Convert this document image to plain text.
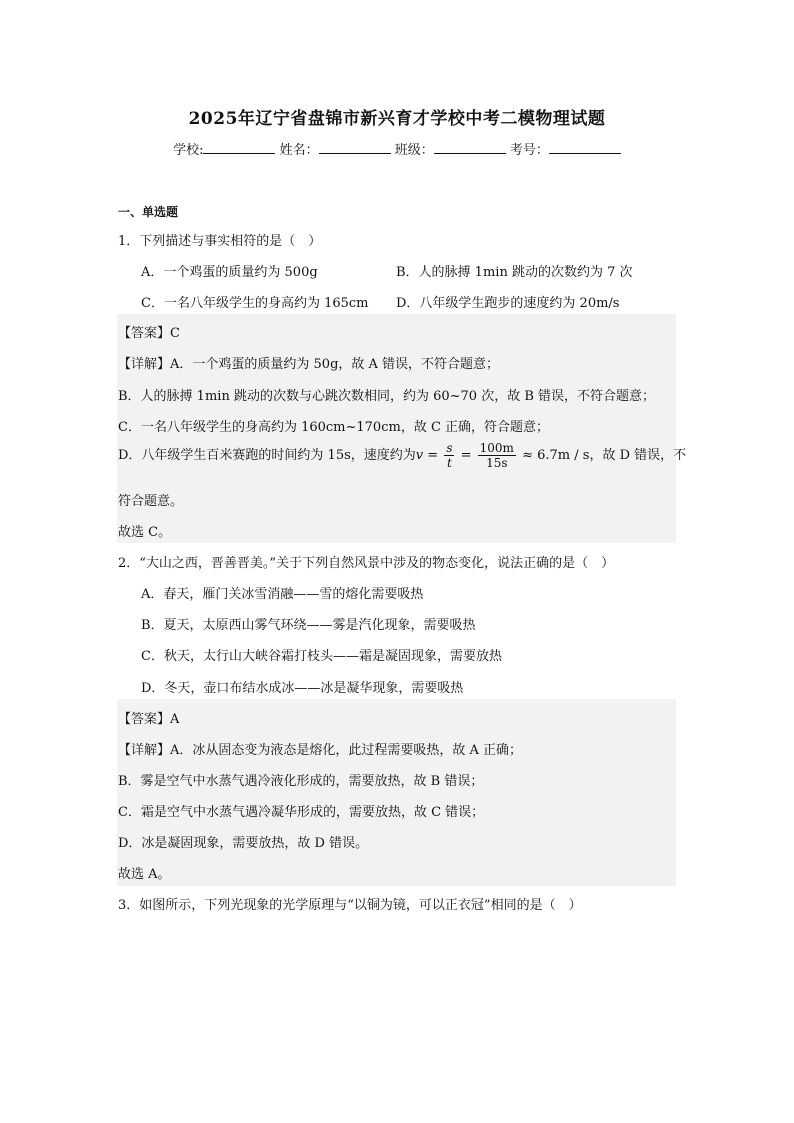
2025年辽宁省盘锦市新兴育才学校中考二模物理试题
学校:	姓名：	班级：	考号：
一、单选题
1．下列描述与事实相符的是（　）
A．一个鸡蛋的质量约为 500g	B．人的脉搏 1min 跳动的次数约为 7 次
C．一名八年级学生的身高约为 165cm D．八年级学生跑步的速度约为 20m/s
【答案】C
【详解】A．一个鸡蛋的质量约为 50g，故 A 错误，不符合题意；
B．人的脉搏 1min 跳动的次数与心跳次数相同，约为 60~70 次，故 B 错误，不符合题意；
C．一名八年级学生的身高约为 160cm~170cm，故 C 正确，符合题意；
D．八年级学生百米赛跑的时间约为 15s，速度约为$v = \frac{s}{t} = \frac{100m}{15s} \approx 6.7m / s$，故 D 错误，不
符合题意。
故选 C。
2．“大山之西，晋善晋美。”关于下列自然风景中涉及的物态变化，说法正确的是（　）
A．春天，雁门关冰雪消融——雪的熔化需要吸热
B．夏天，太原西山雾气环绕——雾是汽化现象，需要吸热
C．秋天，太行山大峡谷霜打枝头——霜是凝固现象，需要放热
D．冬天，壶口布结水成冰——冰是凝华现象，需要吸热
【答案】A
【详解】A．冰从固态变为液态是熔化，此过程需要吸热，故 A 正确；
B．雾是空气中水蒸气遇冷液化形成的，需要放热，故 B 错误；
C．霜是空气中水蒸气遇冷凝华形成的，需要放热，故 C 错误；
D．冰是凝固现象，需要放热，故 D 错误。
故选 A。
3．如图所示，下列光现象的光学原理与“以铜为镜，可以正衣冠”相同的是（　）
